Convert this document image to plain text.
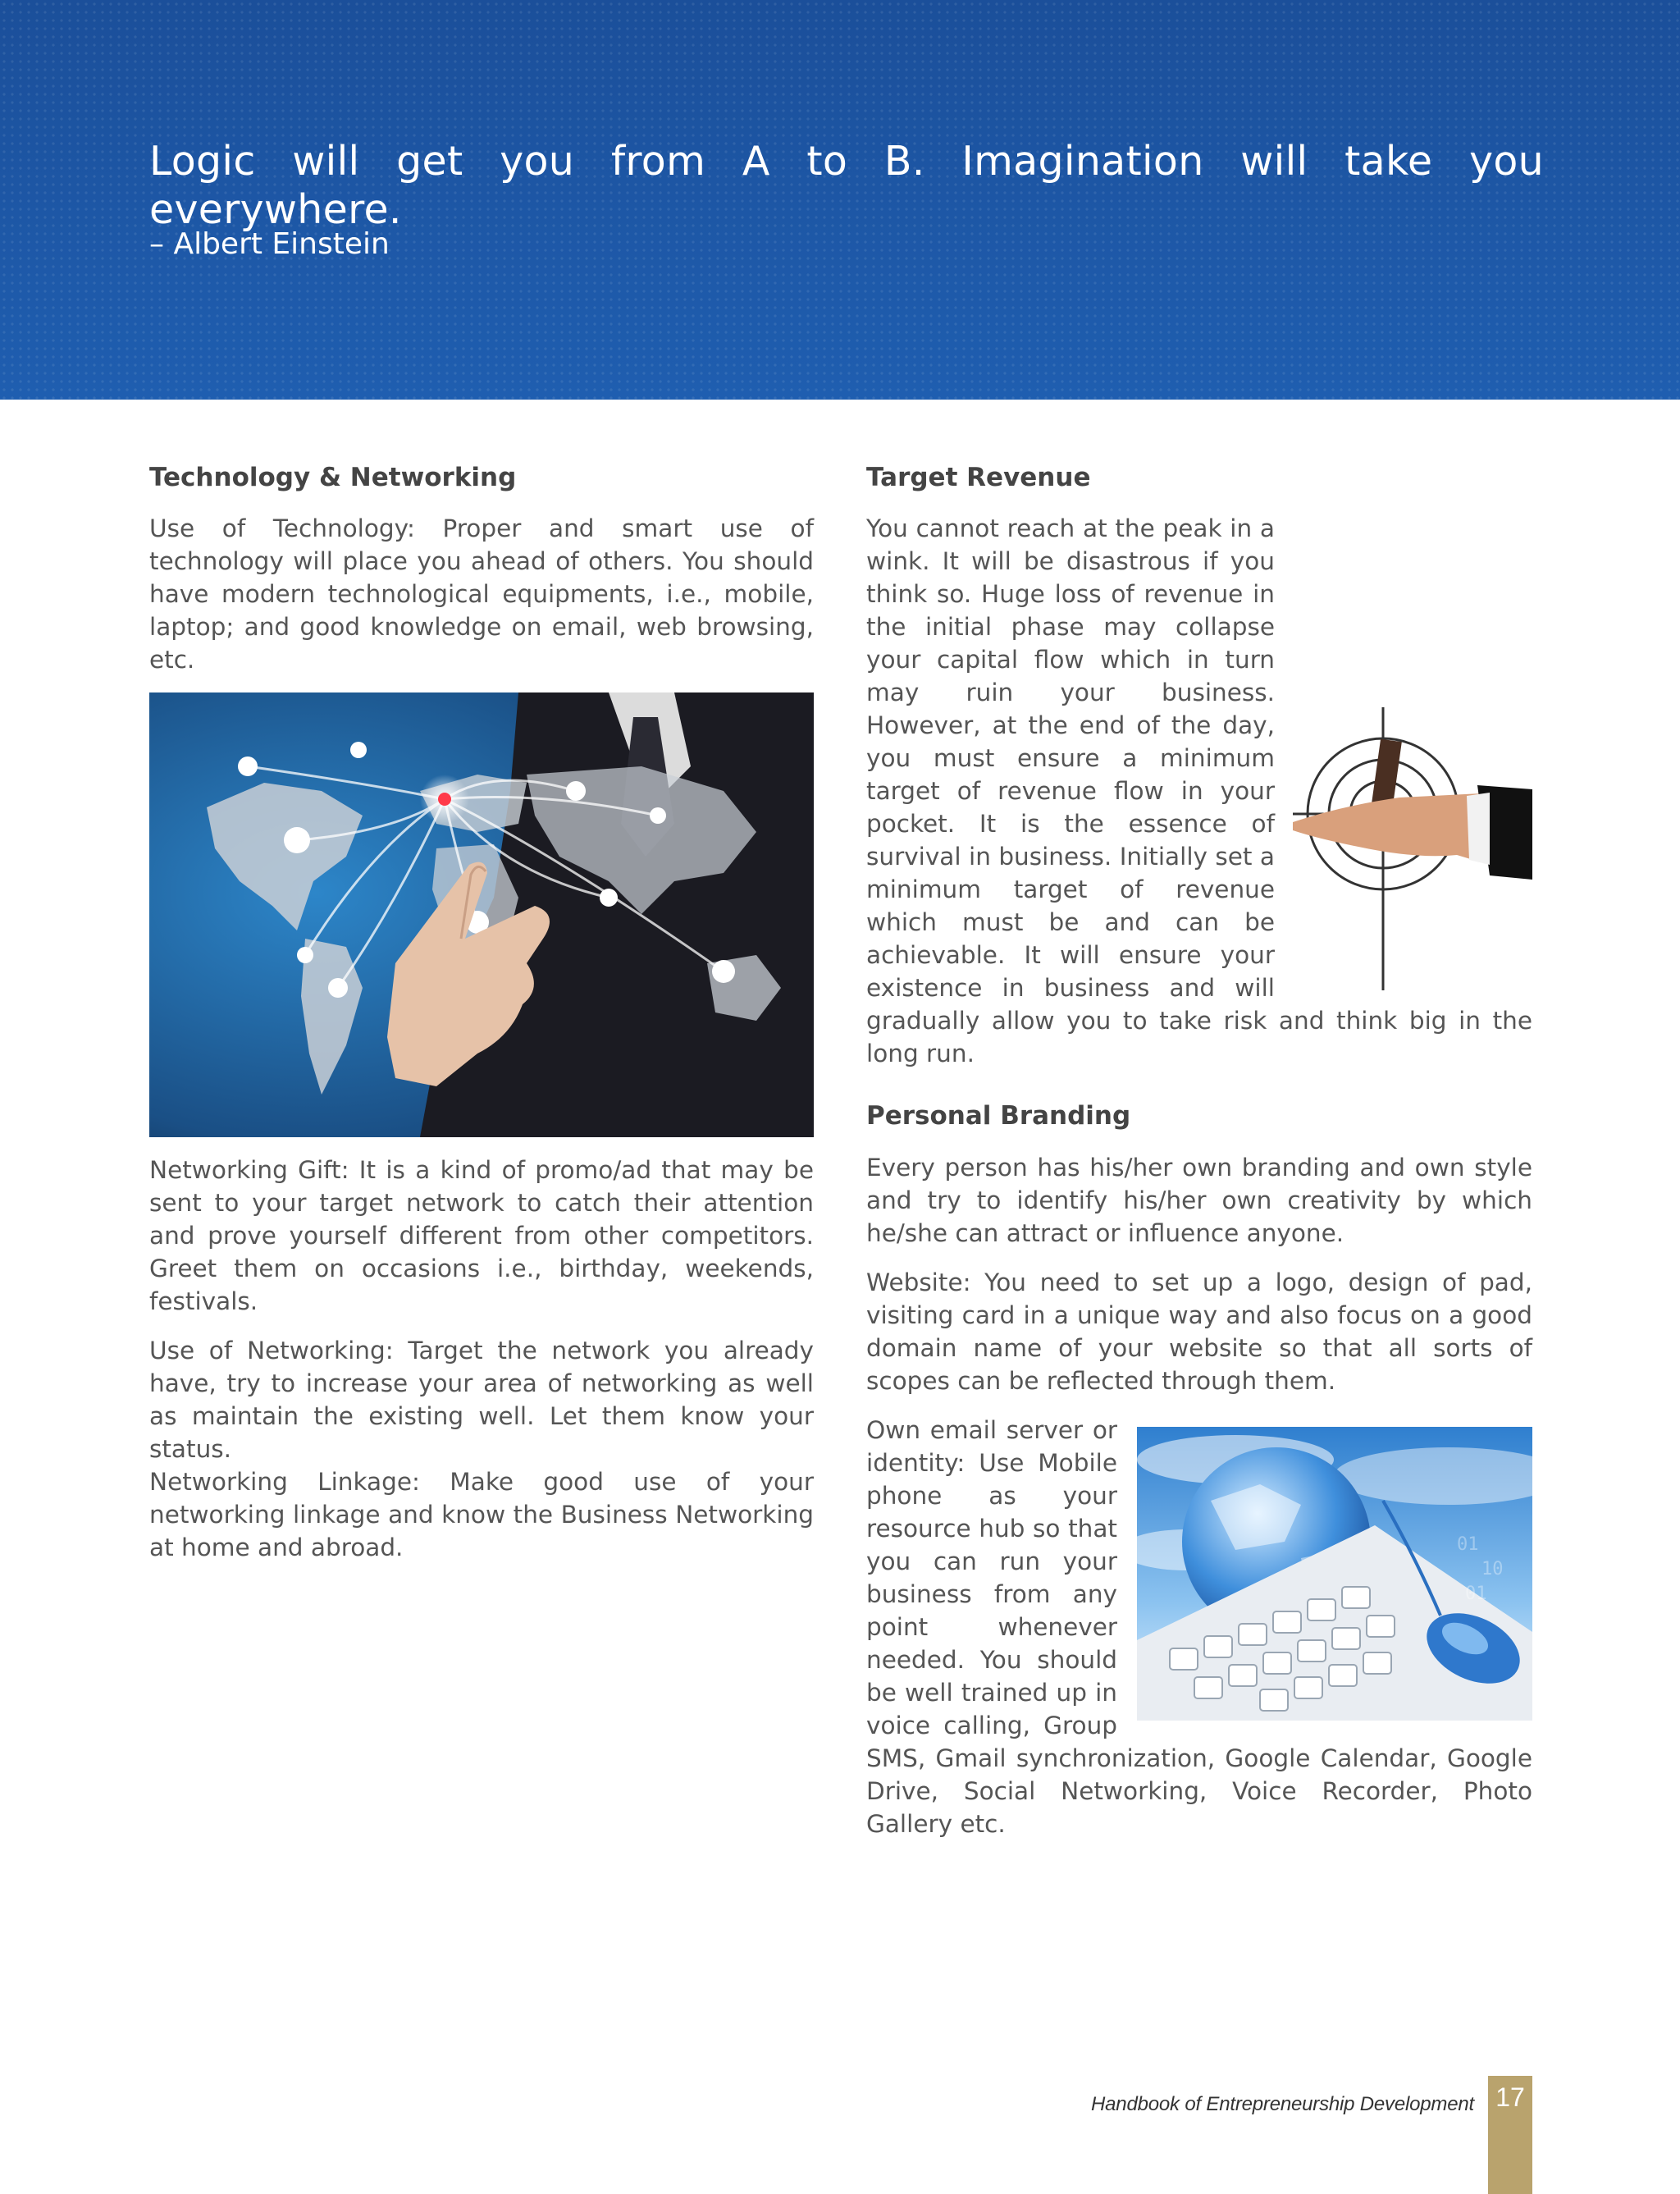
Logic will get you from A to B. Imagination will take you everywhere.

– Albert Einstein

Technology & Networking

Use of Technology: Proper and smart use of technology will place you ahead of others. You should have modern technological equipments, i.e., mobile, laptop; and good knowledge on email, web browsing, etc.

Networking Gift: It is a kind of promo/ad that may be sent to your target network to catch their attention and prove yourself different from other competitors. Greet them on occasions i.e., birthday, weekends, festivals.

Use of Networking: Target the network you already have, try to increase your area of networking as well as maintain the existing well. Let them know your status.

Networking Linkage: Make good use of your networking linkage and know the Business Networking at home and abroad.

Target Revenue

You cannot reach at the peak in a wink. It will be disastrous if you think so. Huge loss of revenue in the initial phase may collapse your capital flow which in turn may ruin your business. However, at the end of the day, you must ensure a minimum target of revenue flow in your pocket. It is the essence of survival in business. Initially set a minimum target of revenue which must be and can be achievable. It will ensure your existence in business and will gradually allow you to take risk and think big in the long run.

Personal Branding

Every person has his/her own branding and own style and try to identify his/her own creativity by which he/she can attract or influence anyone.

Website: You need to set up a logo, design of pad, visiting card in a unique way and also focus on a good domain name of your website so that all sorts of scopes can be reflected through them.

01
10
01

Own email server or identity: Use Mobile phone as your resource hub so that you can run your business from any point whenever needed. You should be well trained up in voice calling, Group SMS, Gmail synchronization, Google Calendar, Google Drive, Social Networking, Voice Recorder, Photo Gallery etc.

Handbook of Entrepreneurship Development 17
